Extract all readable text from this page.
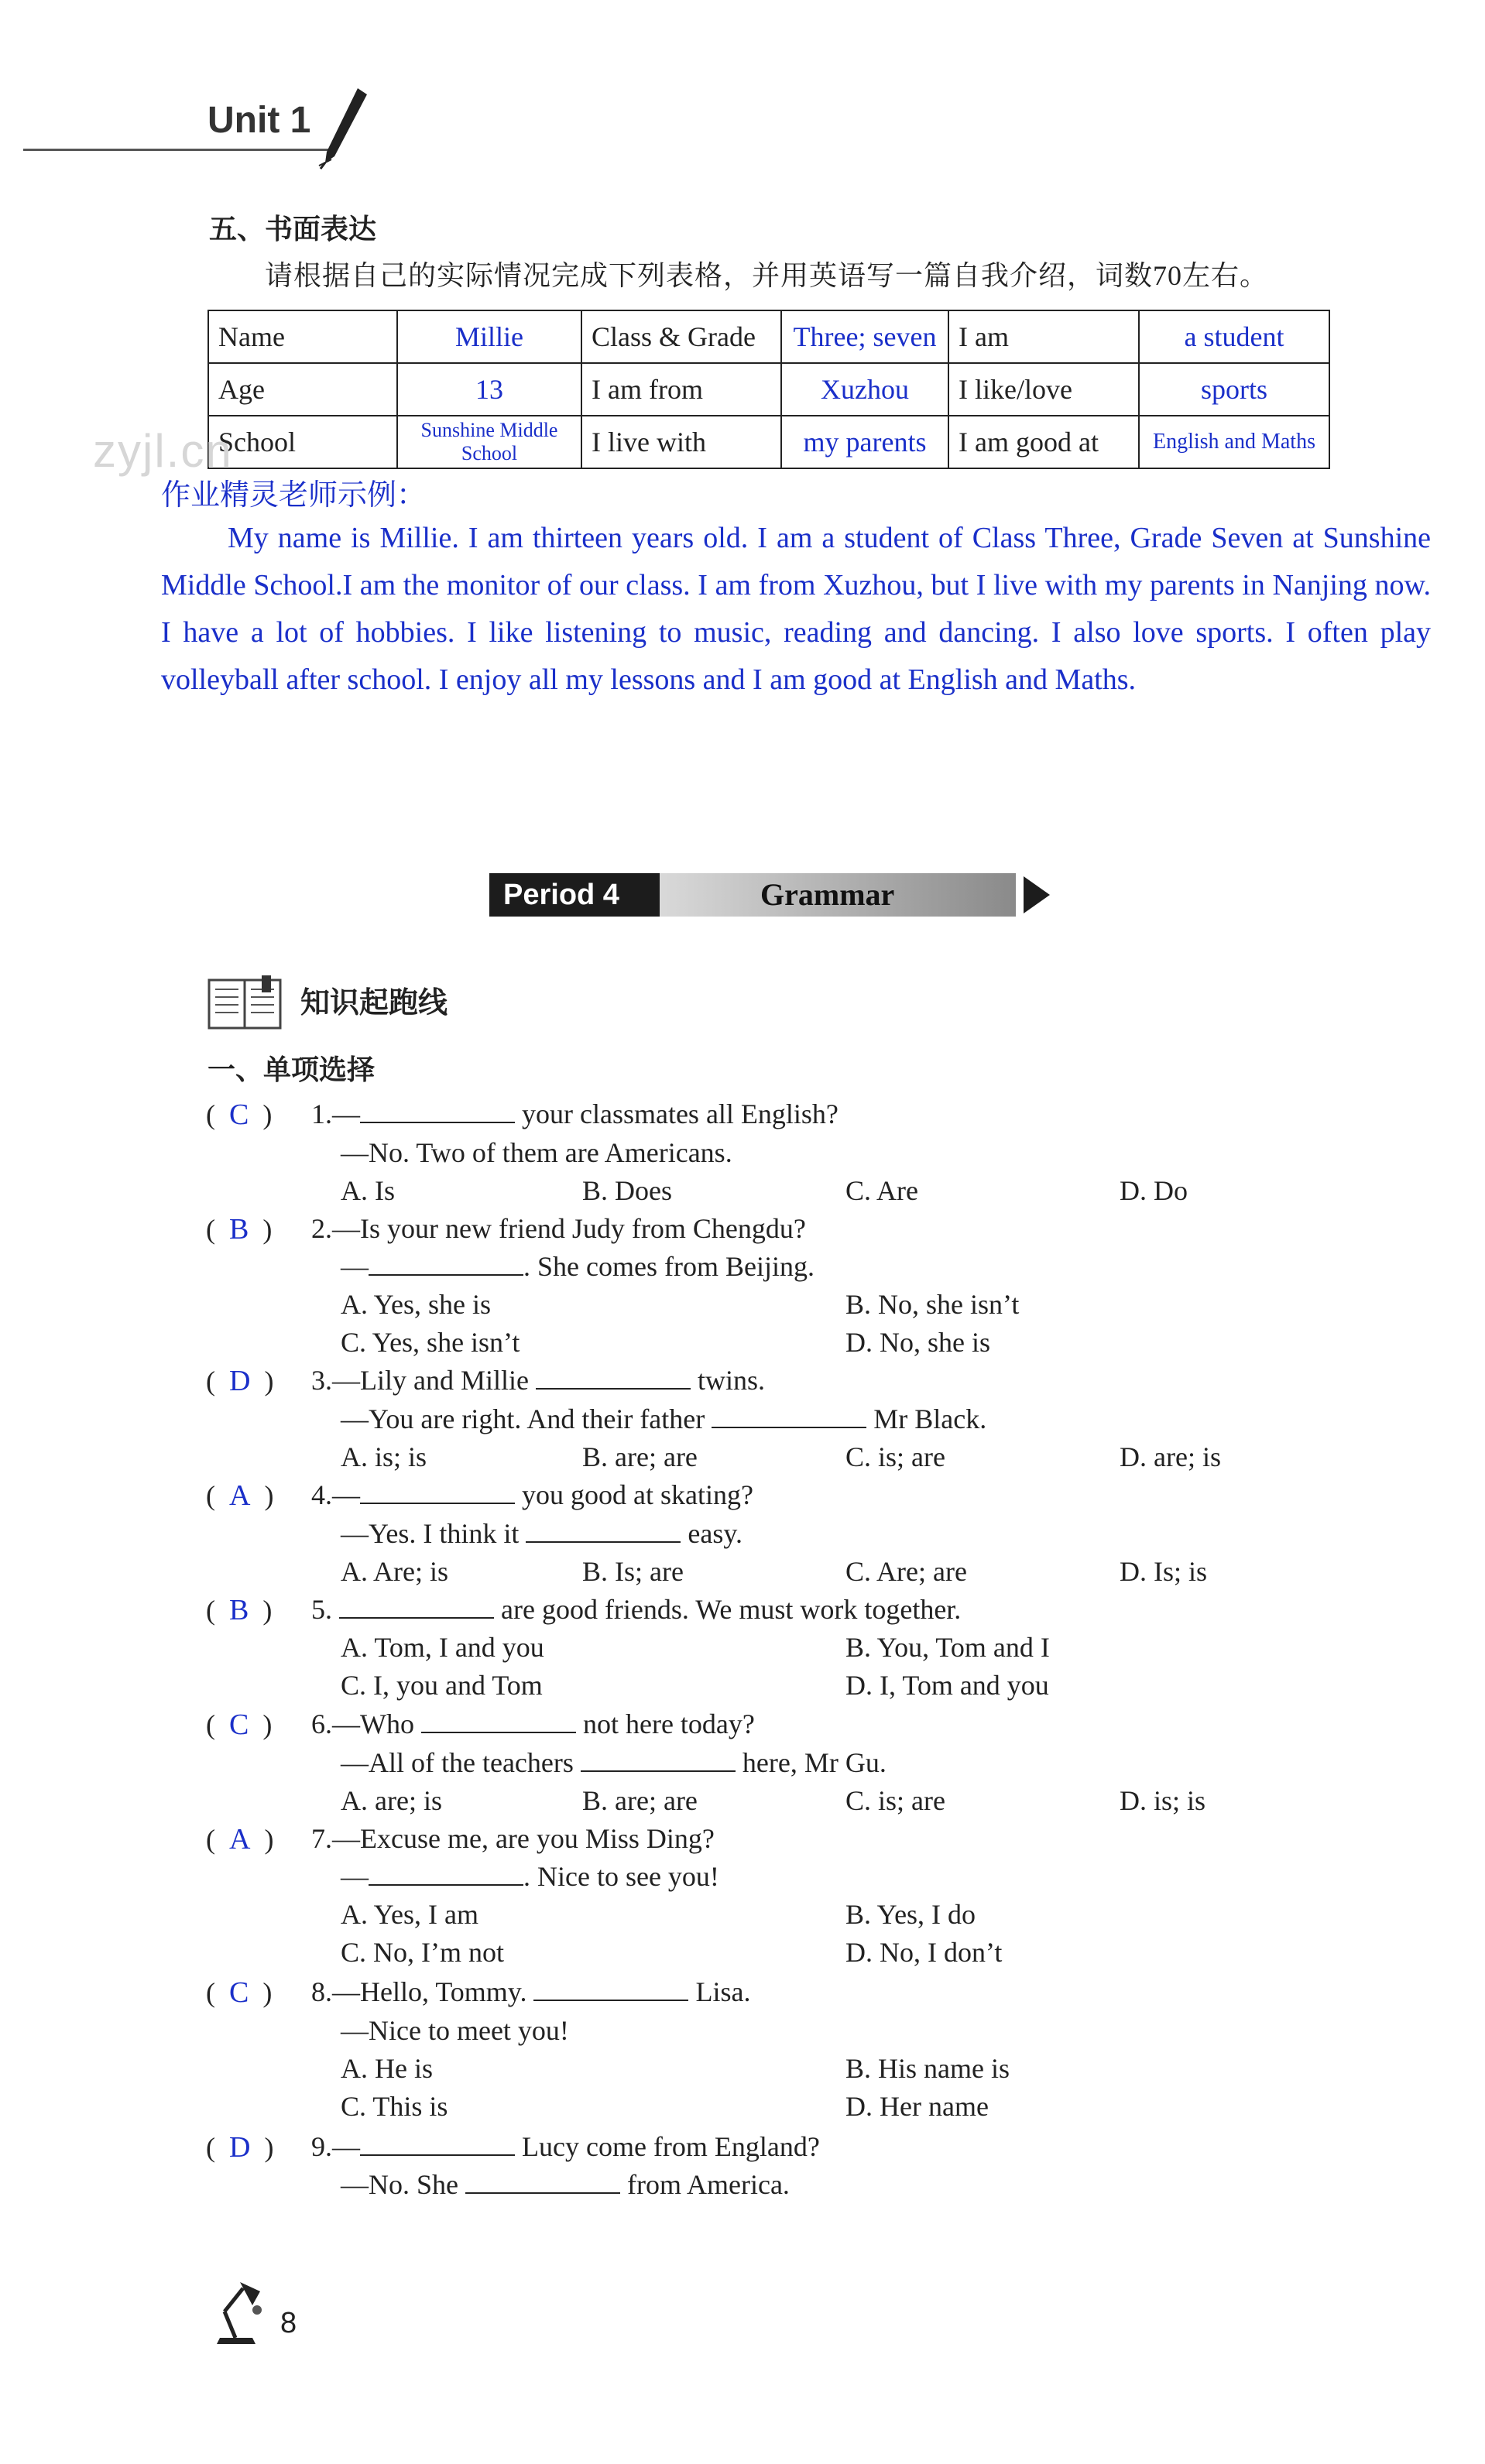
Unit 1
五、书面表达
请根据自己的实际情况完成下列表格，并用英语写一篇自我介绍，词数70左右。
Name	Millie	Class & Grade	Three; seven	I am	a student
Age	13	I am from	Xuzhou	I like/love	sports
School	Sunshine Middle School	I live with	my parents	I am good at	English and Maths
zyjl.cn
作业精灵老师示例：
My name is Millie. I am thirteen years old. I am a student of Class Three, Grade Seven at Sunshine Middle School.I am the monitor of our class. I am from Xuzhou, but I live with my parents in Nanjing now. I have a lot of hobbies. I like listening to music, reading and dancing. I also love sports. I often play volleyball after school. I enjoy all my lessons and I am good at English and Maths.
Period 4	Grammar
知识起跑线
一、单项选择
(  C  ) 1.—	your classmates all English?
—No. Two of them are Americans.
A. Is	B. Does	C. Are	D. Do
(  B  ) 2.—Is your new friend Judy from Chengdu?
—	. She comes from Beijing.
A. Yes, she is	B. No, she isn’t
C. Yes, she isn’t	D. No, she is
(  D  ) 3.—Lily and Millie	twins.
—You are right. And their father	Mr Black.
A. is; is	B. are; are	C. is; are	D. are; is
(  A  ) 4.—	you good at skating?
—Yes. I think it	easy.
A. Are; is	B. Is; are	C. Are; are	D. Is; is
(  B  ) 5.	are good friends. We must work together.
A. Tom, I and you	B. You, Tom and I
C. I, you and Tom	D. I, Tom and you
(  C  ) 6.—Who	not here today?
—All of the teachers	here, Mr Gu.
A. are; is	B. are; are	C. is; are	D. is; is
(  A  ) 7.—Excuse me, are you Miss Ding?
—	. Nice to see you!
A. Yes, I am	B. Yes, I do
C. No, I’m not	D. No, I don’t
(  C  ) 8.—Hello, Tommy.	Lisa.
—Nice to meet you!
A. He is	B. His name is
C. This is	D. Her name
(  D  ) 9.—	Lucy come from England?
—No. She	from America.
8
